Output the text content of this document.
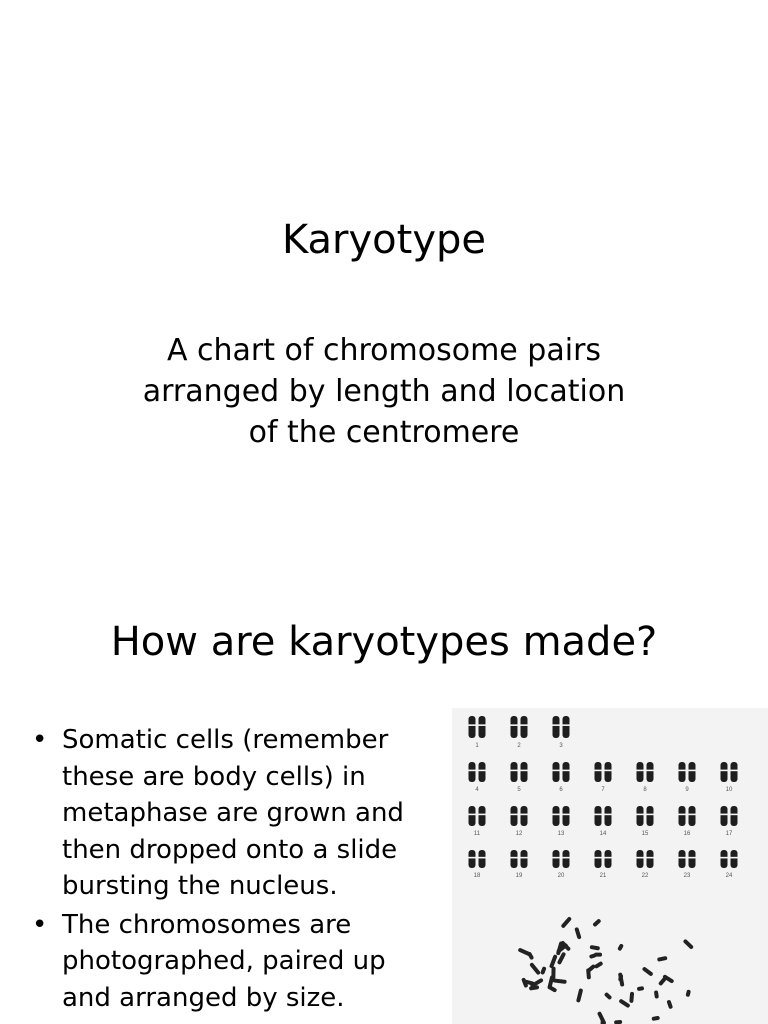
Karyotype
A chart of chromosome pairs
arranged by length and location
of the centromere
How are karyotypes made?
• Somatic cells (remember
these are body cells) in
metaphase are grown and
then dropped onto a slide
bursting the nucleus.
• The chromosomes are
photographed, paired up
and arranged by size.
1	2	3
4	5	6	7	8	9	10
11	12	13	14	15	16	17
18	19	20	21	22	23	24
